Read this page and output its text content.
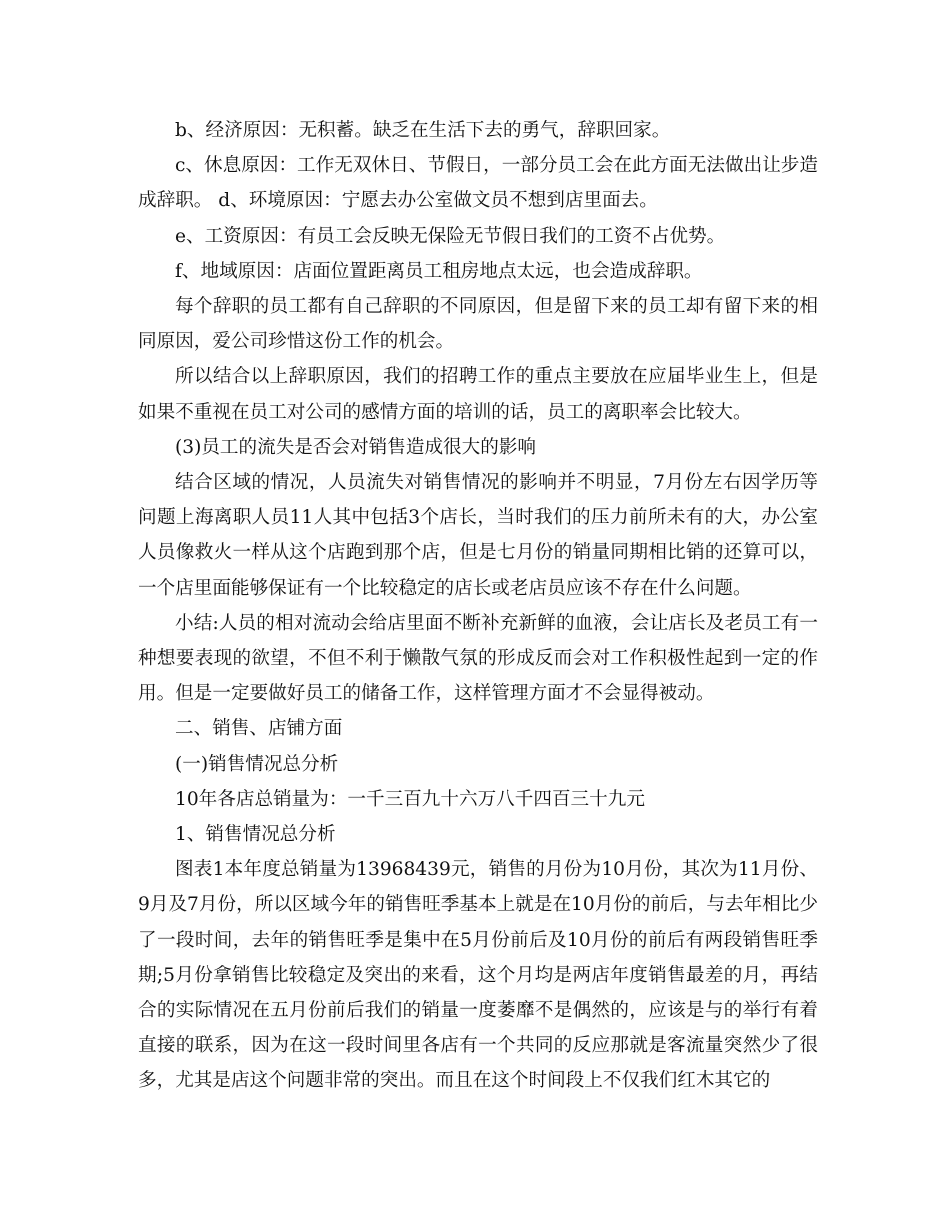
b、经济原因：无积蓄。缺乏在生活下去的勇气，辞职回家。

c、休息原因：工作无双休日、节假日，一部分员工会在此方面无法做出让步造成辞职。 d、环境原因：宁愿去办公室做文员不想到店里面去。

e、工资原因：有员工会反映无保险无节假日我们的工资不占优势。

f、地域原因：店面位置距离员工租房地点太远，也会造成辞职。

每个辞职的员工都有自己辞职的不同原因，但是留下来的员工却有留下来的相同原因，爱公司珍惜这份工作的机会。

所以结合以上辞职原因，我们的招聘工作的重点主要放在应届毕业生上，但是如果不重视在员工对公司的感情方面的培训的话，员工的离职率会比较大。

(3)员工的流失是否会对销售造成很大的影响

结合区域的情况，人员流失对销售情况的影响并不明显，7月份左右因学历等问题上海离职人员11人其中包括3个店长，当时我们的压力前所未有的大，办公室人员像救火一样从这个店跑到那个店，但是七月份的销量同期相比销的还算可以，一个店里面能够保证有一个比较稳定的店长或老店员应该不存在什么问题。

小结:人员的相对流动会给店里面不断补充新鲜的血液，会让店长及老员工有一种想要表现的欲望，不但不利于懒散气氛的形成反而会对工作积极性起到一定的作用。但是一定要做好员工的储备工作，这样管理方面才不会显得被动。

二、销售、店铺方面

(一)销售情况总分析

10年各店总销量为：一千三百九十六万八千四百三十九元

1、销售情况总分析

图表1本年度总销量为13968439元，销售的月份为10月份，其次为11月份、9月及7月份，所以区域今年的销售旺季基本上就是在10月份的前后，与去年相比少了一段时间，去年的销售旺季是集中在5月份前后及10月份的前后有两段销售旺季期;5月份拿销售比较稳定及突出的来看，这个月均是两店年度销售最差的月，再结合的实际情况在五月份前后我们的销量一度萎靡不是偶然的，应该是与的举行有着直接的联系，因为在这一段时间里各店有一个共同的反应那就是客流量突然少了很多，尤其是店这个问题非常的突出。而且在这个时间段上不仅我们红木其它的
